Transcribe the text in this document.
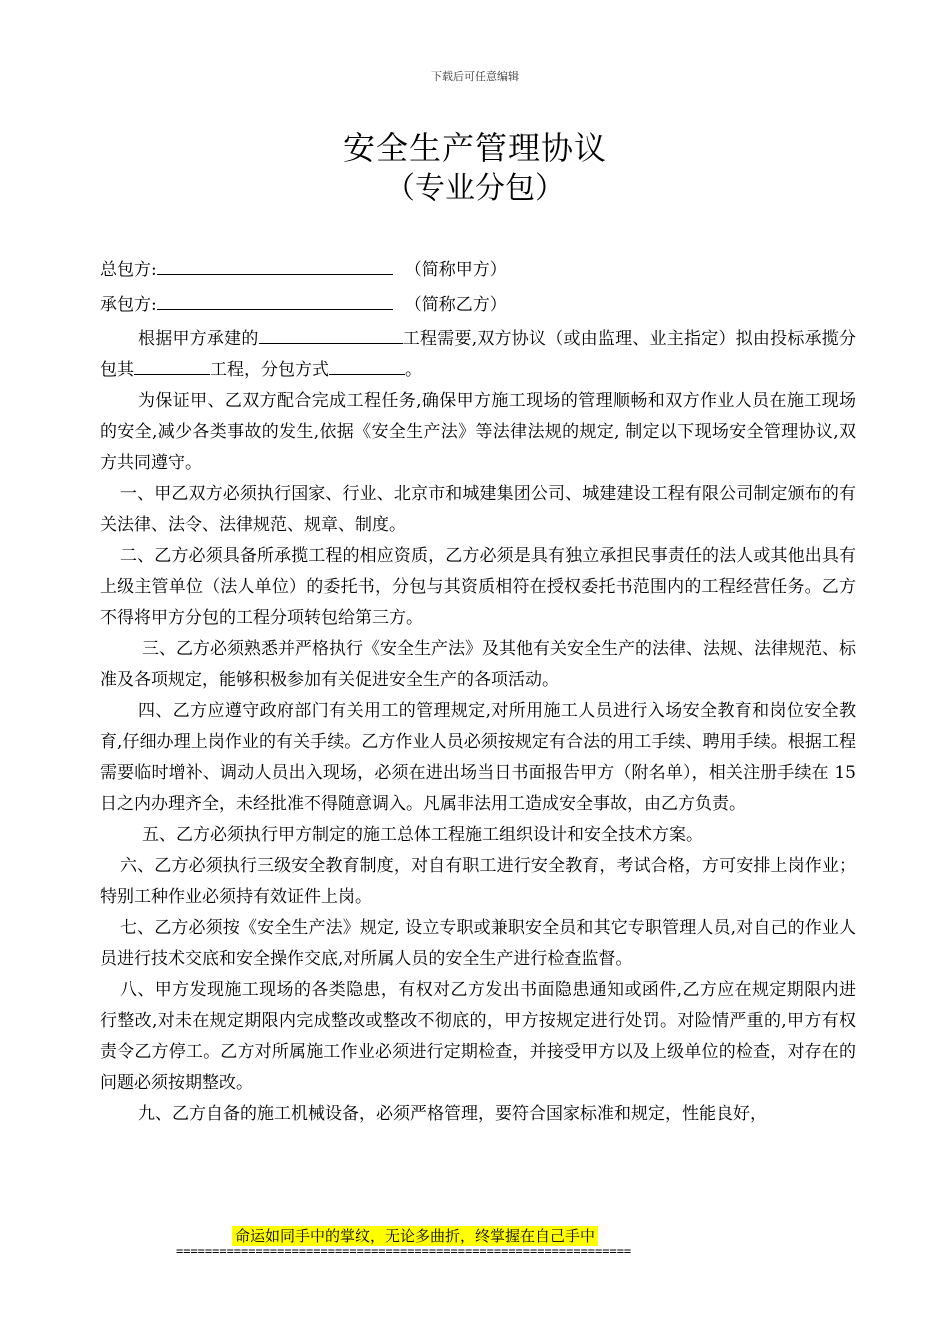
下载后可任意编辑
安全生产管理协议
（专业分包）
总包方:	（简称甲方）
承包方:	（简称乙方）

根据甲方承建的	工程需要,双方协议（或由监理、业主指定）拟由投标承揽分包其	工程，分包方式	。

为保证甲、乙双方配合完成工程任务,确保甲方施工现场的管理顺畅和双方作业人员在施工现场的安全,减少各类事故的发生,依据《安全生产法》等法律法规的规定, 制定以下现场安全管理协议,双方共同遵守。

一、甲乙双方必须执行国家、行业、北京市和城建集团公司、城建建设工程有限公司制定颁布的有关法律、法令、法律规范、规章、制度。

二、乙方必须具备所承揽工程的相应资质，乙方必须是具有独立承担民事责任的法人或其他出具有上级主管单位（法人单位）的委托书，分包与其资质相符在授权委托书范围内的工程经营任务。乙方不得将甲方分包的工程分项转包给第三方。

三、乙方必须熟悉并严格执行《安全生产法》及其他有关安全生产的法律、法规、法律规范、标准及各项规定，能够积极参加有关促进安全生产的各项活动。

四、乙方应遵守政府部门有关用工的管理规定,对所用施工人员进行入场安全教育和岗位安全教育,仔细办理上岗作业的有关手续。乙方作业人员必须按规定有合法的用工手续、聘用手续。根据工程需要临时增补、调动人员出入现场，必须在进出场当日书面报告甲方（附名单），相关注册手续在 15 日之内办理齐全，未经批准不得随意调入。凡属非法用工造成安全事故，由乙方负责。

五、乙方必须执行甲方制定的施工总体工程施工组织设计和安全技术方案。

六、乙方必须执行三级安全教育制度，对自有职工进行安全教育，考试合格，方可安排上岗作业；特别工种作业必须持有效证件上岗。

七、乙方必须按《安全生产法》规定, 设立专职或兼职安全员和其它专职管理人员,对自己的作业人员进行技术交底和安全操作交底,对所属人员的安全生产进行检查监督。

八、甲方发现施工现场的各类隐患，有权对乙方发出书面隐患通知或函件,乙方应在规定期限内进行整改,对未在规定期限内完成整改或整改不彻底的，甲方按规定进行处罚。对险情严重的,甲方有权责令乙方停工。乙方对所属施工作业必须进行定期检查，并接受甲方以及上级单位的检查，对存在的问题必须按期整改。

九、乙方自备的施工机械设备，必须严格管理，要符合国家标准和规定，性能良好，

命运如同手中的掌纹，无论多曲折，终掌握在自己手中
===============================================================
